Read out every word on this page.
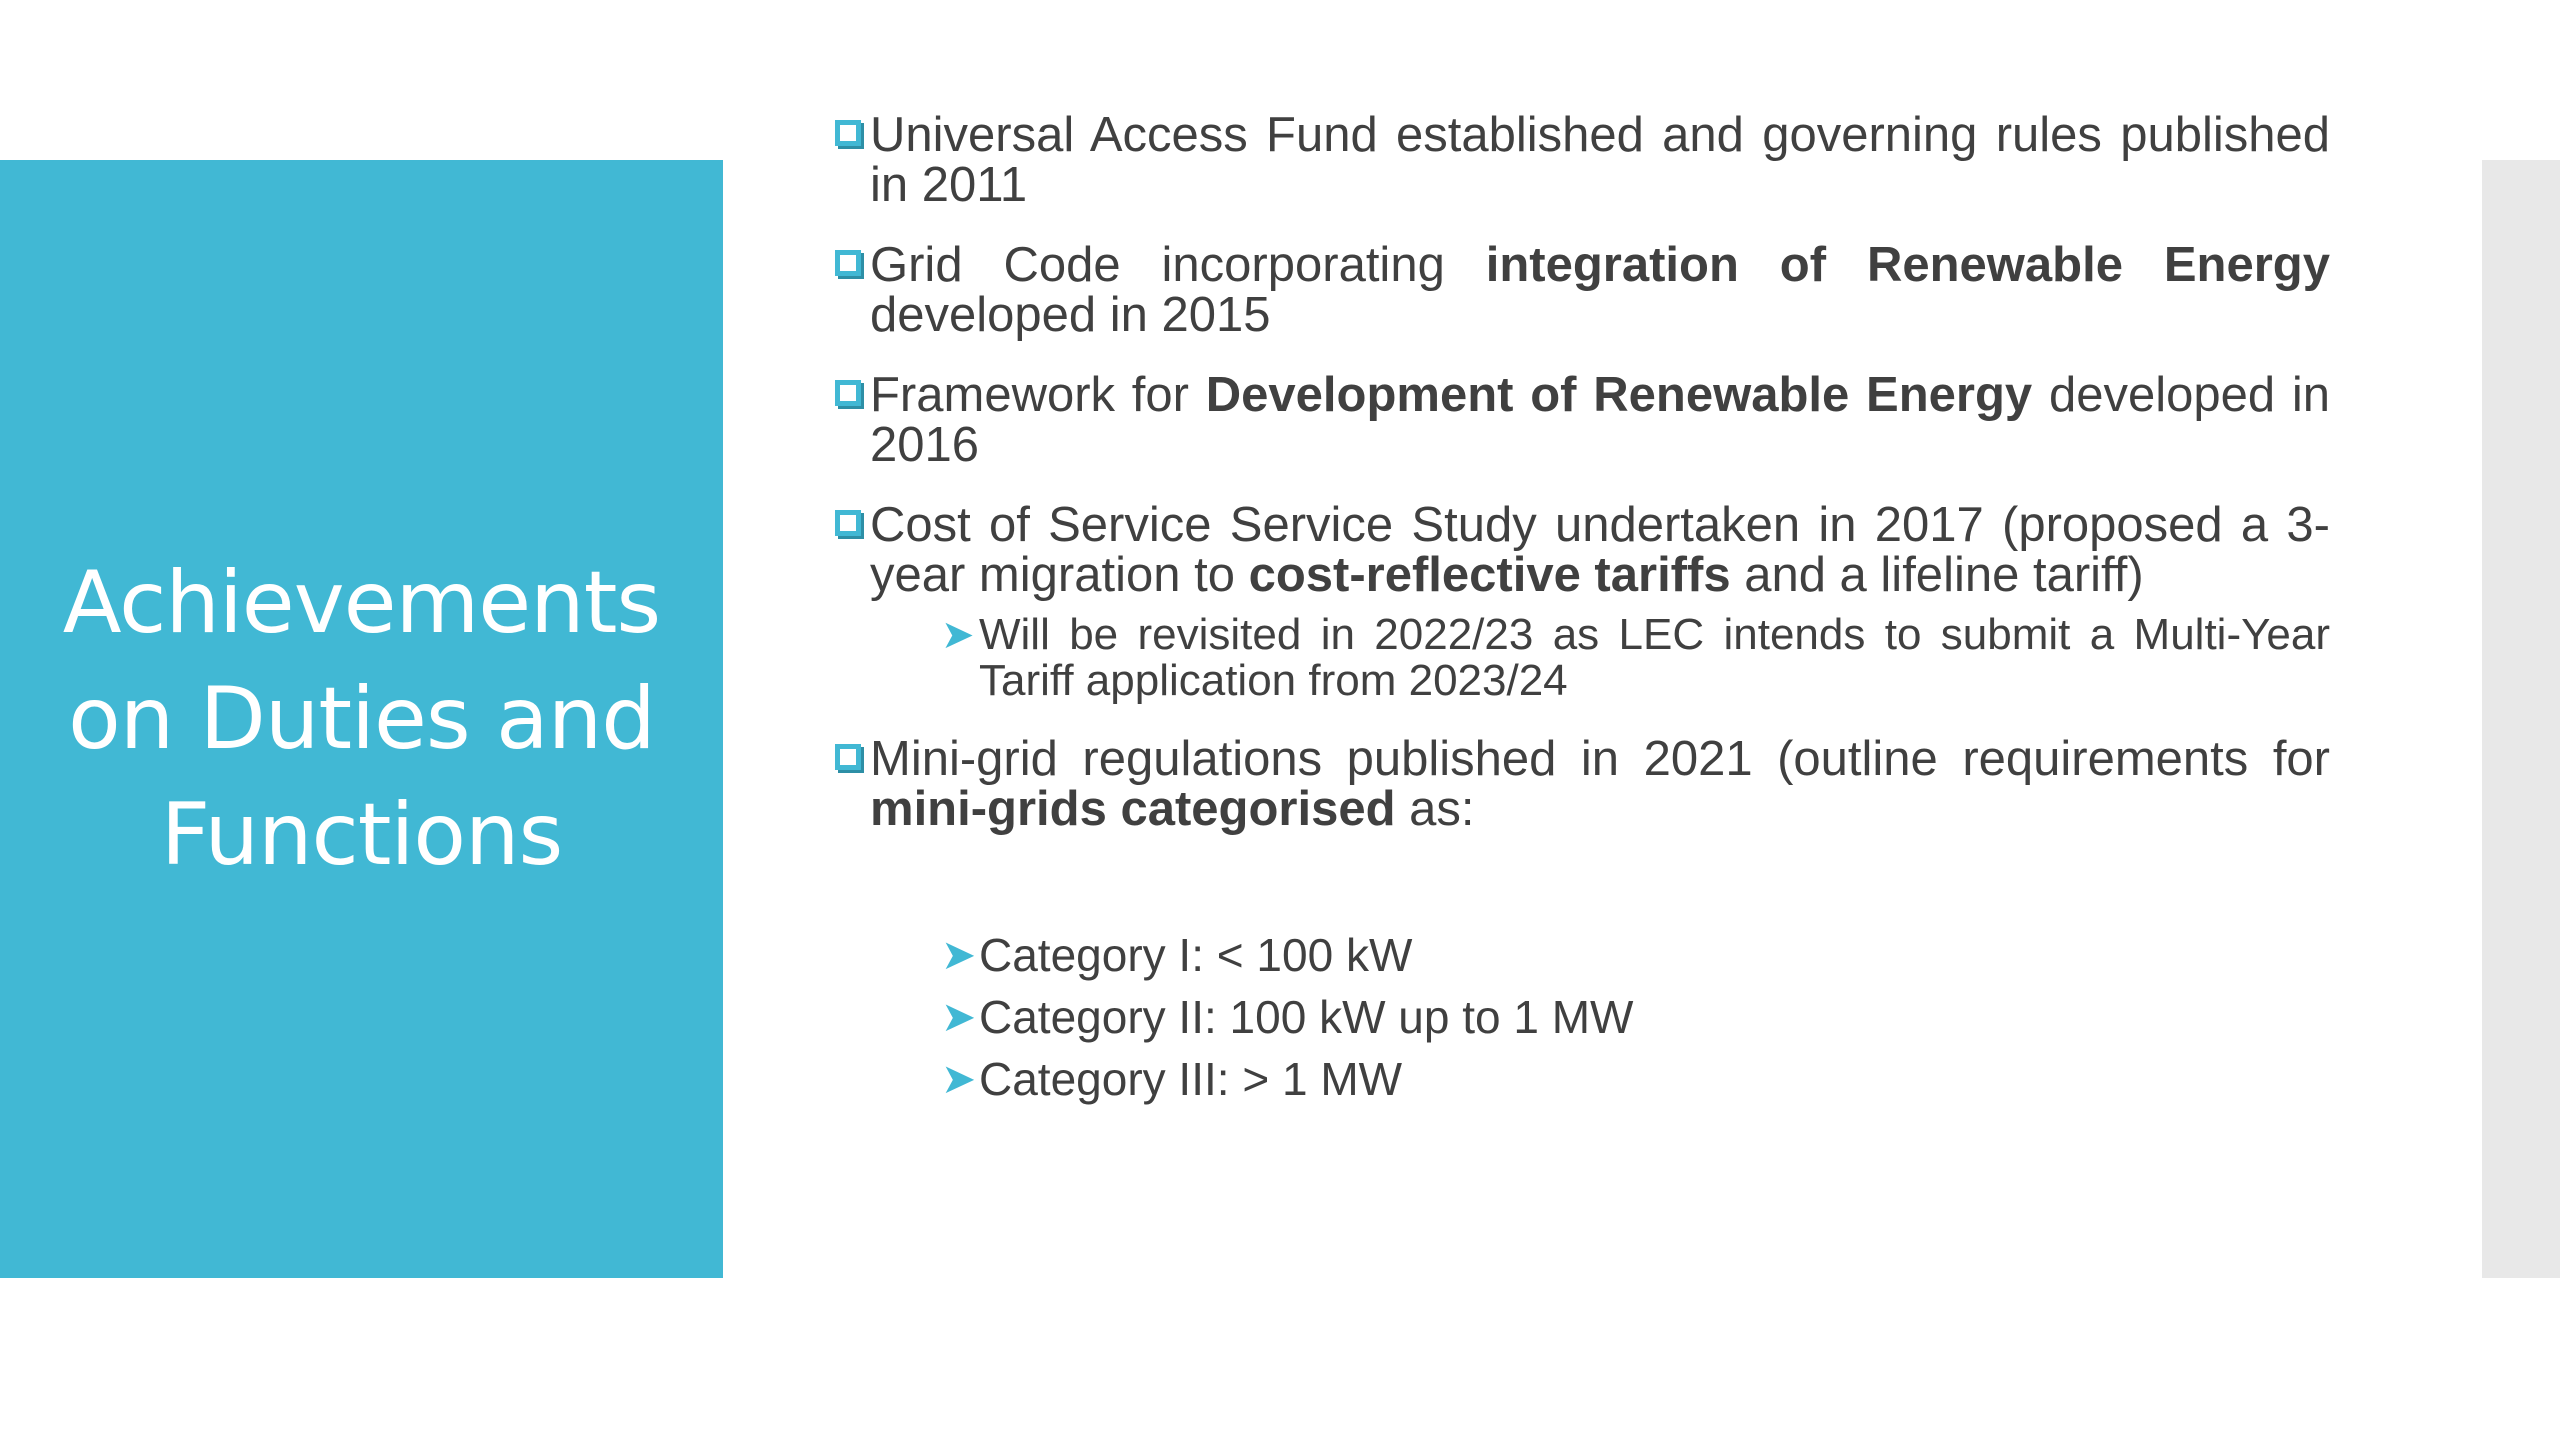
Achievements
on Duties and
Functions
Universal Access Fund established and governing rules published in 2011
Grid Code incorporating integration of Renewable Energy developed in 2015
Framework for Development of Renewable Energy developed in 2016
Cost of Service Service Study undertaken in 2017 (proposed a 3-year migration to cost-reflective tariffs and a lifeline tariff)
➤ Will be revisited in 2022/23 as LEC intends to submit a Multi-Year Tariff application from 2023/24
Mini-grid regulations published in 2021 (outline requirements for mini-grids categorised as:
➤ Category I: < 100 kW
➤ Category II: 100 kW up to 1 MW
➤ Category III: > 1 MW
